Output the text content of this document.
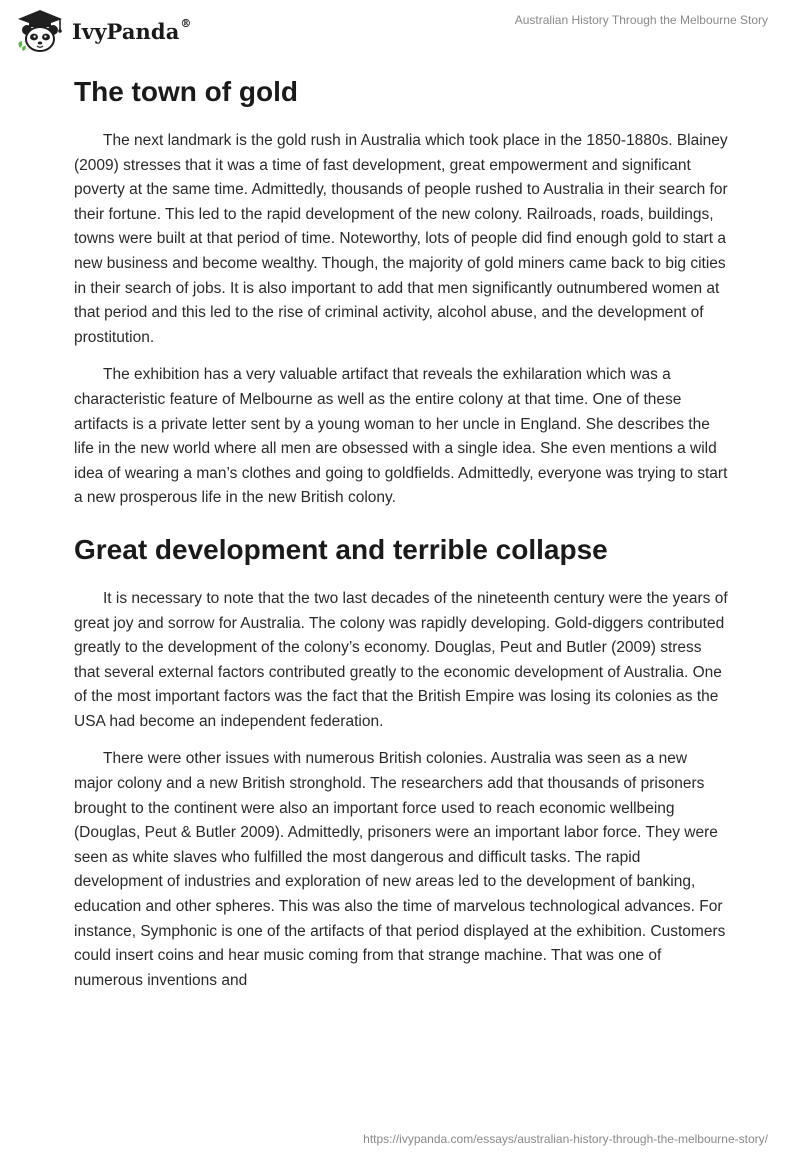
IvyPanda®	Australian History Through the Melbourne Story
The town of gold

The next landmark is the gold rush in Australia which took place in the 1850-1880s. Blainey (2009) stresses that it was a time of fast development, great empowerment and significant poverty at the same time. Admittedly, thousands of people rushed to Australia in their search for their fortune. This led to the rapid development of the new colony. Railroads, roads, buildings, towns were built at that period of time. Noteworthy, lots of people did find enough gold to start a new business and become wealthy. Though, the majority of gold miners came back to big cities in their search of jobs. It is also important to add that men significantly outnumbered women at that period and this led to the rise of criminal activity, alcohol abuse, and the development of prostitution.

The exhibition has a very valuable artifact that reveals the exhilaration which was a characteristic feature of Melbourne as well as the entire colony at that time. One of these artifacts is a private letter sent by a young woman to her uncle in England. She describes the life in the new world where all men are obsessed with a single idea. She even mentions a wild idea of wearing a man’s clothes and going to goldfields. Admittedly, everyone was trying to start a new prosperous life in the new British colony.

Great development and terrible collapse

It is necessary to note that the two last decades of the nineteenth century were the years of great joy and sorrow for Australia. The colony was rapidly developing. Gold-diggers contributed greatly to the development of the colony’s economy. Douglas, Peut and Butler (2009) stress that several external factors contributed greatly to the economic development of Australia. One of the most important factors was the fact that the British Empire was losing its colonies as the USA had become an independent federation.

There were other issues with numerous British colonies. Australia was seen as a new major colony and a new British stronghold. The researchers add that thousands of prisoners brought to the continent were also an important force used to reach economic wellbeing (Douglas, Peut & Butler 2009). Admittedly, prisoners were an important labor force. They were seen as white slaves who fulfilled the most dangerous and difficult tasks. The rapid development of industries and exploration of new areas led to the development of banking, education and other spheres. This was also the time of marvelous technological advances. For instance, Symphonic is one of the artifacts of that period displayed at the exhibition. Customers could insert coins and hear music coming from that strange machine. That was one of numerous inventions and

https://ivypanda.com/essays/australian-history-through-the-melbourne-story/
